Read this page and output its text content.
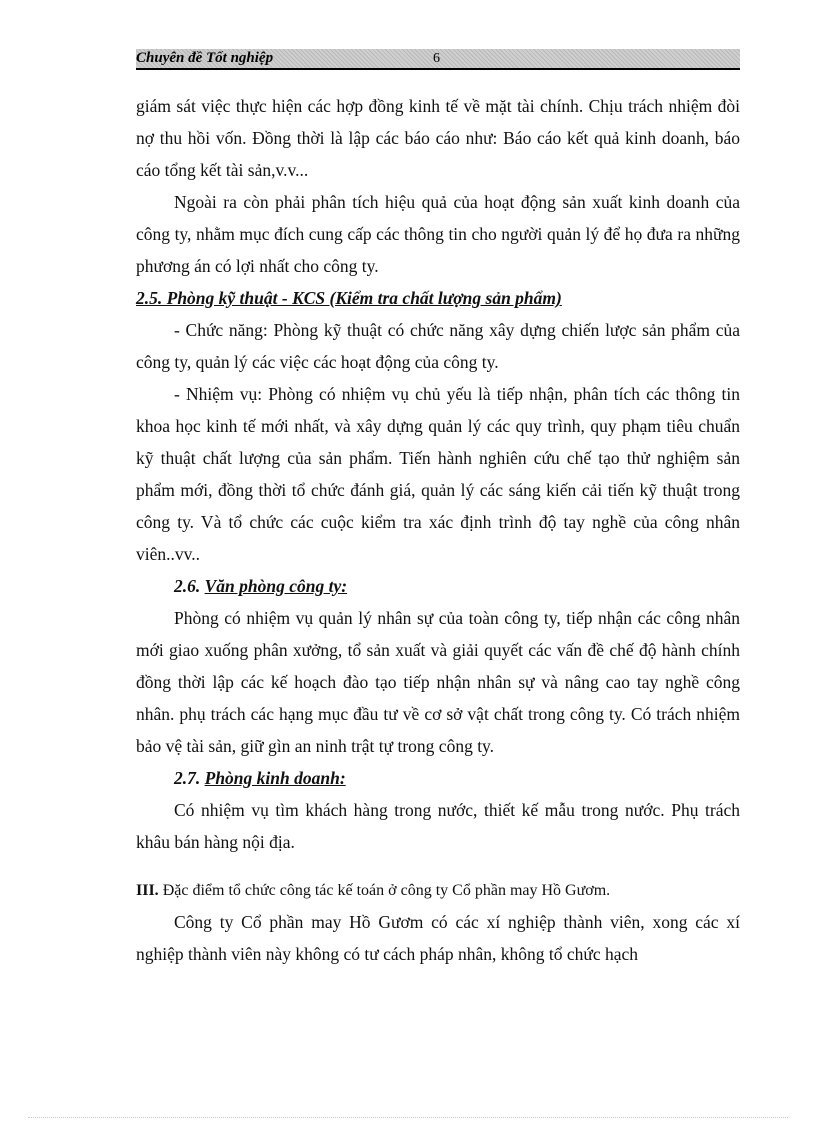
Chuyên đề Tốt nghiệp	6

giám sát việc thực hiện các hợp đồng kinh tế về mặt tài chính. Chịu trách nhiệm đòi nợ thu hồi vốn. Đồng thời là lập các báo cáo như: Báo cáo kết quả kinh doanh, báo cáo tổng kết tài sản,v.v...

Ngoài ra còn phải phân tích hiệu quả của hoạt động sản xuất kinh doanh của công ty, nhằm mục đích cung cấp các thông tin cho người quản lý để họ đưa ra những phương án có lợi nhất cho công ty.

2.5. Phòng kỹ thuật - KCS (Kiểm tra chất lượng sản phẩm)

- Chức năng: Phòng kỹ thuật có chức năng xây dựng chiến lược sản phẩm của công ty, quản lý các việc các hoạt động của công ty.

- Nhiệm vụ: Phòng có nhiệm vụ chủ yếu là tiếp nhận, phân tích các thông tin khoa học kinh tế mới nhất, và xây dựng quản lý các quy trình, quy phạm tiêu chuẩn kỹ thuật chất lượng của sản phẩm. Tiến hành nghiên cứu chế tạo thử nghiệm sản phẩm mới, đồng thời tổ chức đánh giá, quản lý các sáng kiến cải tiến kỹ thuật trong công ty. Và tổ chức các cuộc kiểm tra xác định trình độ tay nghề của công nhân viên..vv..

2.6. Văn phòng công ty:

Phòng có nhiệm vụ quản lý nhân sự của toàn công ty, tiếp nhận các công nhân mới giao xuống phân xưởng, tổ sản xuất và giải quyết các vấn đề chế độ hành chính đồng thời lập các kế hoạch đào tạo tiếp nhận nhân sự và nâng cao tay nghề công nhân. phụ trách các hạng mục đầu tư về cơ sở vật chất trong công ty. Có trách nhiệm bảo vệ tài sản, giữ gìn an ninh trật tự trong công ty.

2.7. Phòng kinh doanh:

Có nhiệm vụ tìm khách hàng trong nước, thiết kế mẫu trong nước. Phụ trách khâu bán hàng nội địa.

III. Đặc điểm tổ chức công tác kế toán ở công ty Cổ phần may Hồ Gươm.

Công ty Cổ phần may Hồ Gươm có các xí nghiệp thành viên, xong các xí nghiệp thành viên này không có tư cách pháp nhân, không tổ chức hạch
